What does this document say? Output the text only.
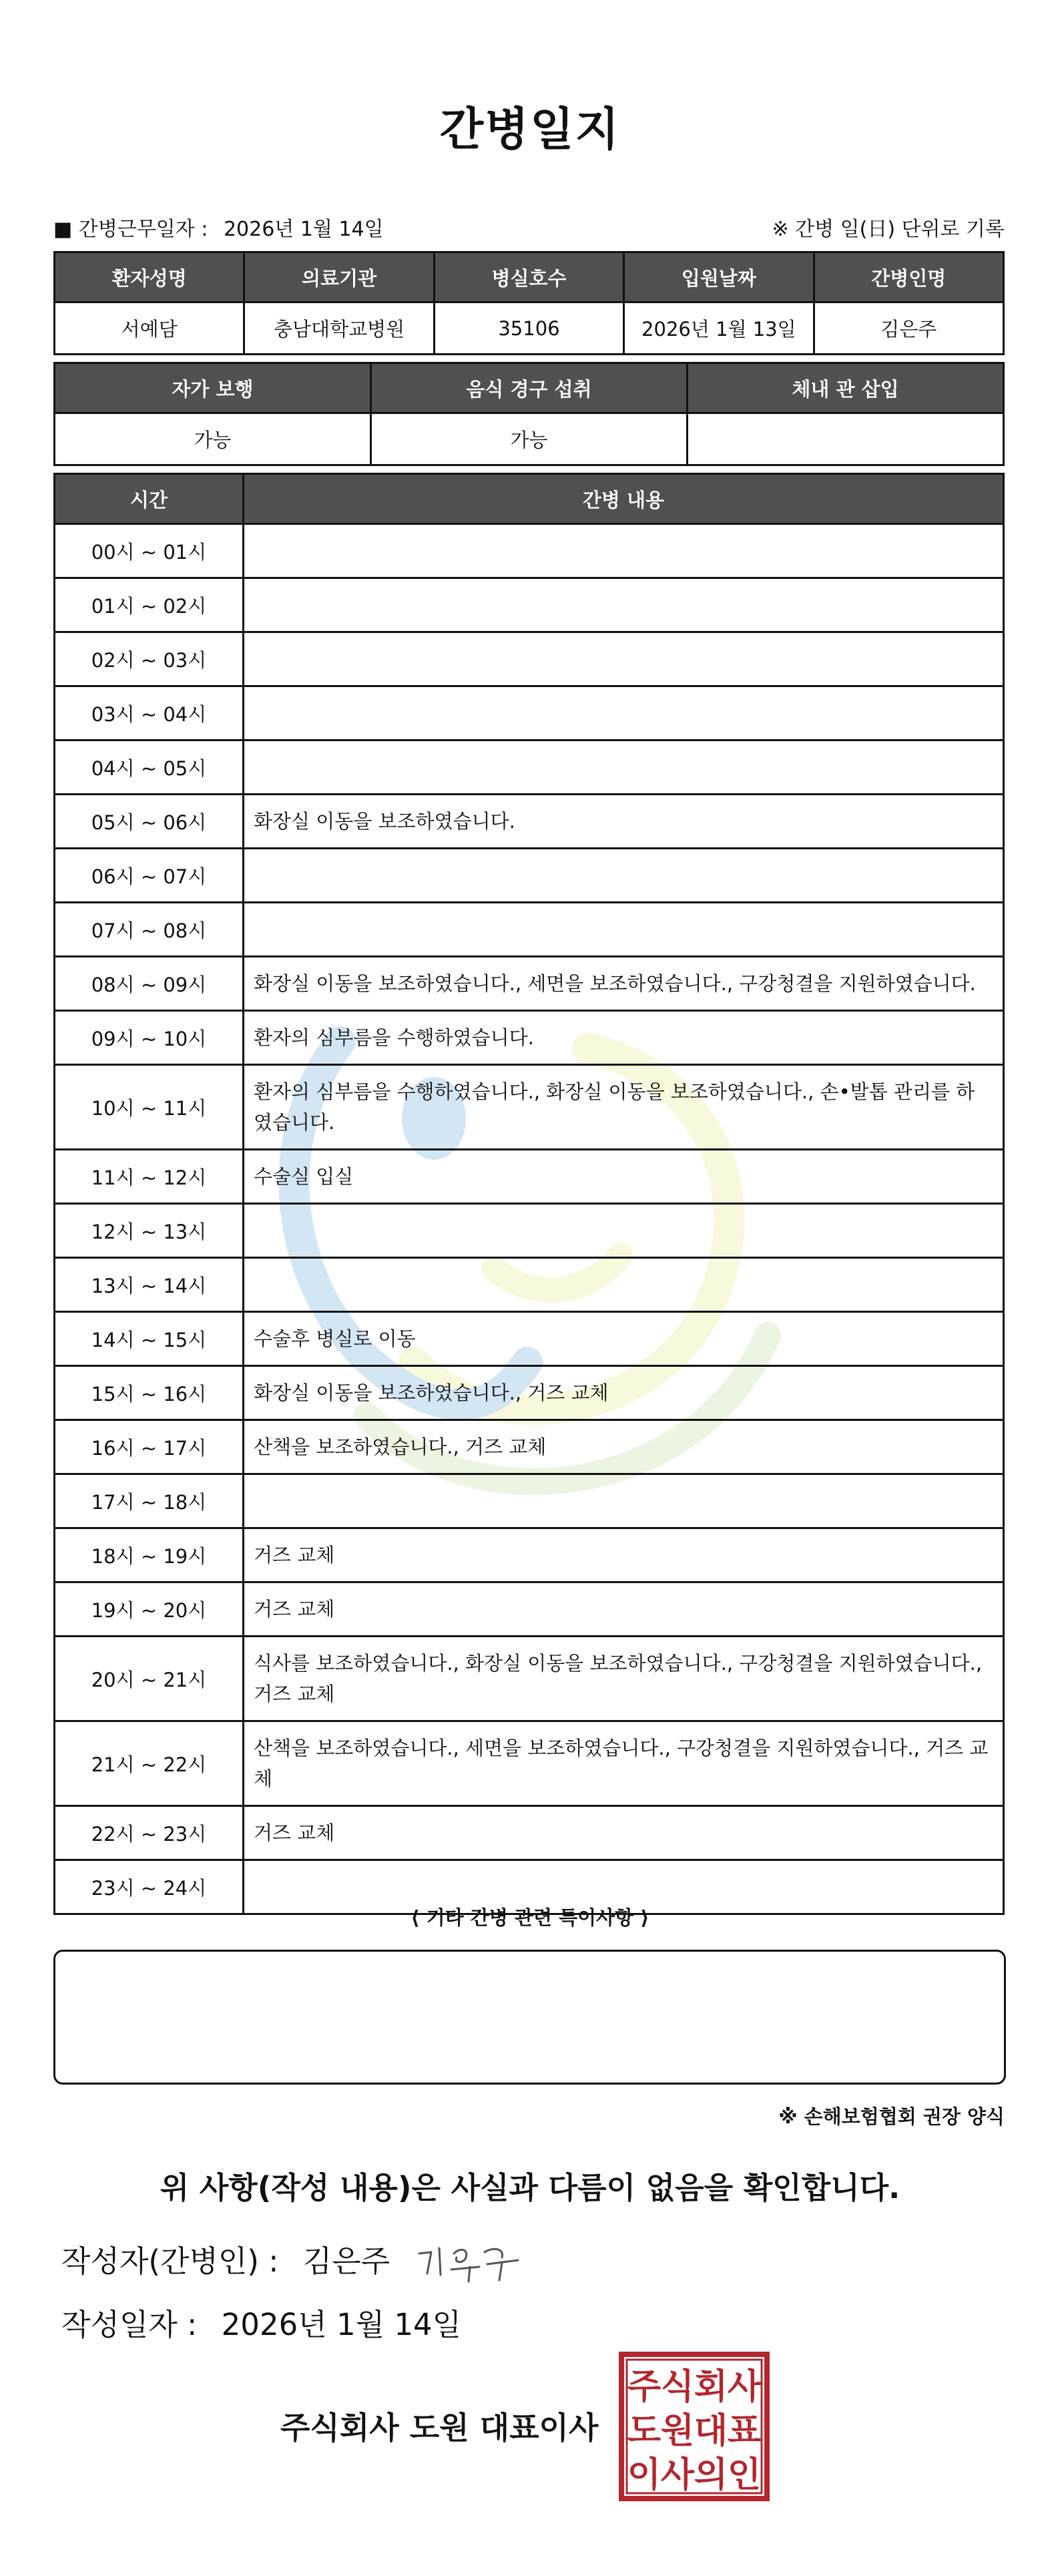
간병일지
■ 간병근무일자 : 2026년 1월 14일	※ 간병 일(日) 단위로 기록
환자성명	의료기관	병실호수	입원날짜	간병인명
서예담	충남대학교병원	35106	2026년 1월 13일	김은주
자가 보행	음식 경구 섭취	체내 관 삽입
가능	가능	
시간	간병 내용
00시 ~ 01시	
01시 ~ 02시	
02시 ~ 03시	
03시 ~ 04시	
04시 ~ 05시	
05시 ~ 06시	화장실 이동을 보조하였습니다.
06시 ~ 07시	
07시 ~ 08시	
08시 ~ 09시	화장실 이동을 보조하였습니다., 세면을 보조하였습니다., 구강청결을 지원하였습니다.
09시 ~ 10시	환자의 심부름을 수행하였습니다.
10시 ~ 11시	환자의 심부름을 수행하였습니다., 화장실 이동을 보조하였습니다., 손•발톱 관리를 하였습니다.
11시 ~ 12시	수술실 입실
12시 ~ 13시	
13시 ~ 14시	
14시 ~ 15시	수술후 병실로 이동
15시 ~ 16시	화장실 이동을 보조하였습니다., 거즈 교체
16시 ~ 17시	산책을 보조하였습니다., 거즈 교체
17시 ~ 18시	
18시 ~ 19시	거즈 교체
19시 ~ 20시	거즈 교체
20시 ~ 21시	식사를 보조하였습니다., 화장실 이동을 보조하였습니다., 구강청결을 지원하였습니다., 거즈 교체
21시 ~ 22시	산책을 보조하였습니다., 세면을 보조하였습니다., 구강청결을 지원하였습니다., 거즈 교체
22시 ~ 23시	거즈 교체
23시 ~ 24시	
⟨ 기타 간병 관련 특이사항 ⟩
※ 손해보험협회 권장 양식
위 사항(작성 내용)은 사실과 다름이 없음을 확인합니다.
작성자(간병인) : 김은주
작성일자 : 2026년 1월 14일
주식회사 도원 대표이사
주 식 회 사
도 원 대 표
이 사 의 인
